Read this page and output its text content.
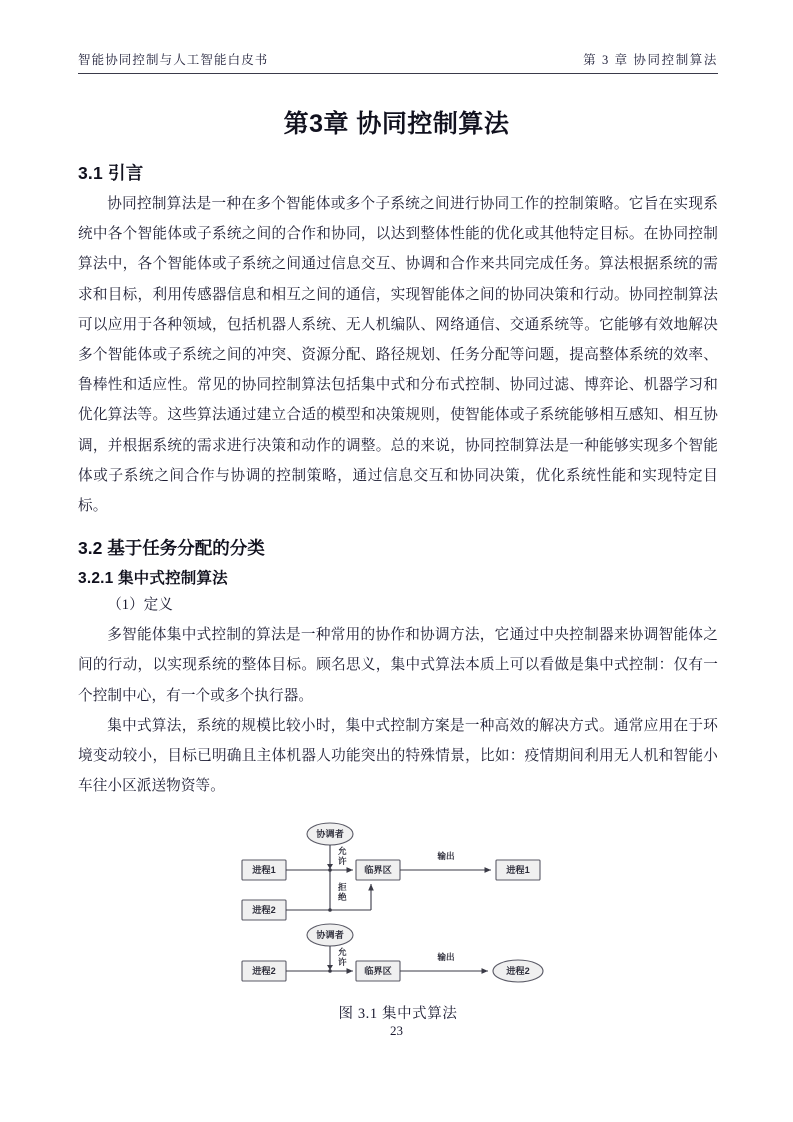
智能协同控制与人工智能白皮书	第 3 章 协同控制算法
第3章 协同控制算法
3.1 引言

协同控制算法是一种在多个智能体或多个子系统之间进行协同工作的控制策略。它旨在实现系统中各个智能体或子系统之间的合作和协同，以达到整体性能的优化或其他特定目标。在协同控制算法中，各个智能体或子系统之间通过信息交互、协调和合作来共同完成任务。算法根据系统的需求和目标，利用传感器信息和相互之间的通信，实现智能体之间的协同决策和行动。协同控制算法可以应用于各种领域，包括机器人系统、无人机编队、网络通信、交通系统等。它能够有效地解决多个智能体或子系统之间的冲突、资源分配、路径规划、任务分配等问题，提高整体系统的效率、鲁棒性和适应性。常见的协同控制算法包括集中式和分布式控制、协同过滤、博弈论、机器学习和优化算法等。这些算法通过建立合适的模型和决策规则，使智能体或子系统能够相互感知、相互协调，并根据系统的需求进行决策和动作的调整。总的来说，协同控制算法是一种能够实现多个智能体或子系统之间合作与协调的控制策略，通过信息交互和协同决策，优化系统性能和实现特定目标。

3.2 基于任务分配的分类
3.2.1 集中式控制算法

（1）定义

多智能体集中式控制的算法是一种常用的协作和协调方法，它通过中央控制器来协调智能体之间的行动，以实现系统的整体目标。顾名思义，集中式算法本质上可以看做是集中式控制：仅有一个控制中心，有一个或多个执行器。

集中式算法，系统的规模比较小时，集中式控制方案是一种高效的解决方式。通常应用在于环境变动较小，目标已明确且主体机器人功能突出的特殊情景，比如：疫情期间利用无人机和智能小车往小区派送物资等。

协调者
允
许
拒
绝
进程1
进程2
临界区
输出
进程1
协调者
允
许
进程2	临界区
输出
进程2
图 3.1 集中式算法
23
